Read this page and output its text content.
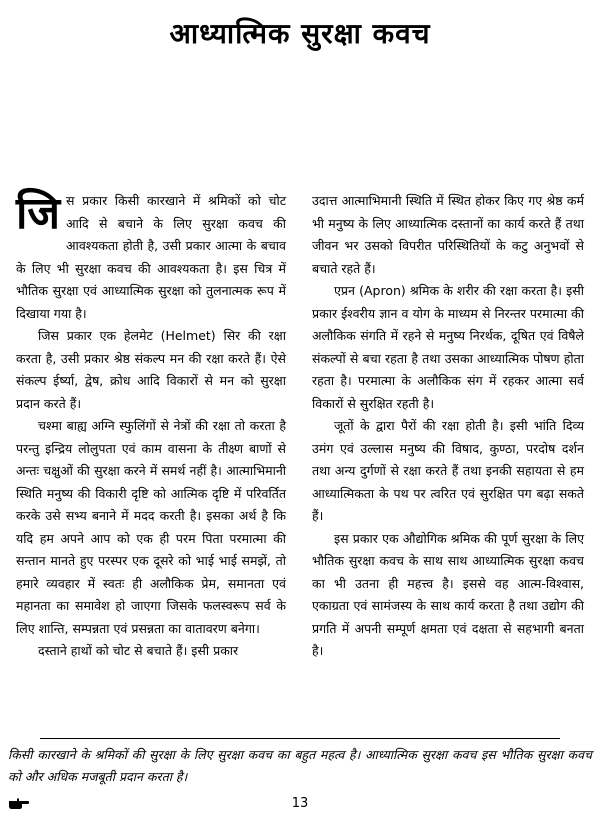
आध्यात्मिक सुरक्षा कवच

जिस प्रकार किसी कारखाने में श्रमिकों को चोट आदि से बचाने के लिए सुरक्षा कवच की आवश्यकता होती है, उसी प्रकार आत्मा के बचाव के लिए भी सुरक्षा कवच की आवश्यकता है। इस चित्र में भौतिक सुरक्षा एवं आध्यात्मिक सुरक्षा को तुलनात्मक रूप में दिखाया गया है।

जिस प्रकार एक हेलमेट (Helmet) सिर की रक्षा करता है, उसी प्रकार श्रेष्ठ संकल्प मन की रक्षा करते हैं। ऐसे संकल्प ईर्ष्या, द्वेष, क्रोध आदि विकारों से मन को सुरक्षा प्रदान करते हैं।

चश्मा बाह्य अग्नि स्फुलिंगों से नेत्रों की रक्षा तो करता है परन्तु इन्द्रिय लोलुपता एवं काम वासना के तीक्ष्ण बाणों से अन्तः चक्षुओं की सुरक्षा करने में समर्थ नहीं है। आत्माभिमानी स्थिति मनुष्य की विकारी दृष्टि को आत्मिक दृष्टि में परिवर्तित करके उसे सभ्य बनाने में मदद करती है। इसका अर्थ है कि यदि हम अपने आप को एक ही परम पिता परमात्मा की सन्तान मानते हुए परस्पर एक दूसरे को भाई भाई समझें, तो हमारे व्यवहार में स्वतः ही अलौकिक प्रेम, समानता एवं महानता का समावेश हो जाएगा जिसके फलस्वरूप सर्व के लिए शान्ति, सम्पन्नता एवं प्रसन्नता का वातावरण बनेगा।

दस्ताने हाथों को चोट से बचाते हैं। इसी प्रकार

उदात्त आत्माभिमानी स्थिति में स्थित होकर किए गए श्रेष्ठ कर्म भी मनुष्य के लिए आध्यात्मिक दस्तानों का कार्य करते हैं तथा जीवन भर उसको विपरीत परिस्थितियों के कटु अनुभवों से बचाते रहते हैं।

एप्रन (Apron) श्रमिक के शरीर की रक्षा करता है। इसी प्रकार ईश्वरीय ज्ञान व योग के माध्यम से निरन्तर परमात्मा की अलौकिक संगति में रहने से मनुष्य निरर्थक, दूषित एवं विषैले संकल्पों से बचा रहता है तथा उसका आध्यात्मिक पोषण होता रहता है। परमात्मा के अलौकिक संग में रहकर आत्मा सर्व विकारों से सुरक्षित रहती है।

जूतों के द्वारा पैरों की रक्षा होती है। इसी भांति दिव्य उमंग एवं उल्लास मनुष्य की विषाद, कुण्ठा, परदोष दर्शन तथा अन्य दुर्गणों से रक्षा करते हैं तथा इनकी सहायता से हम आध्यात्मिकता के पथ पर त्वरित एवं सुरक्षित पग बढ़ा सकते हैं।

इस प्रकार एक औद्योगिक श्रमिक की पूर्ण सुरक्षा के लिए भौतिक सुरक्षा कवच के साथ साथ आध्यात्मिक सुरक्षा कवच का भी उतना ही महत्त्व है। इससे वह आत्म-विश्वास, एकाग्रता एवं सामंजस्य के साथ कार्य करता है तथा उद्योग की प्रगति में अपनी सम्पूर्ण क्षमता एवं दक्षता से सहभागी बनता है।

किसी कारखाने के श्रमिकों की सुरक्षा के लिए सुरक्षा कवच का बहुत महत्व है। आध्यात्मिक सुरक्षा कवच इस भौतिक सुरक्षा कवच को और अधिक मजबूती प्रदान करता है।
13
